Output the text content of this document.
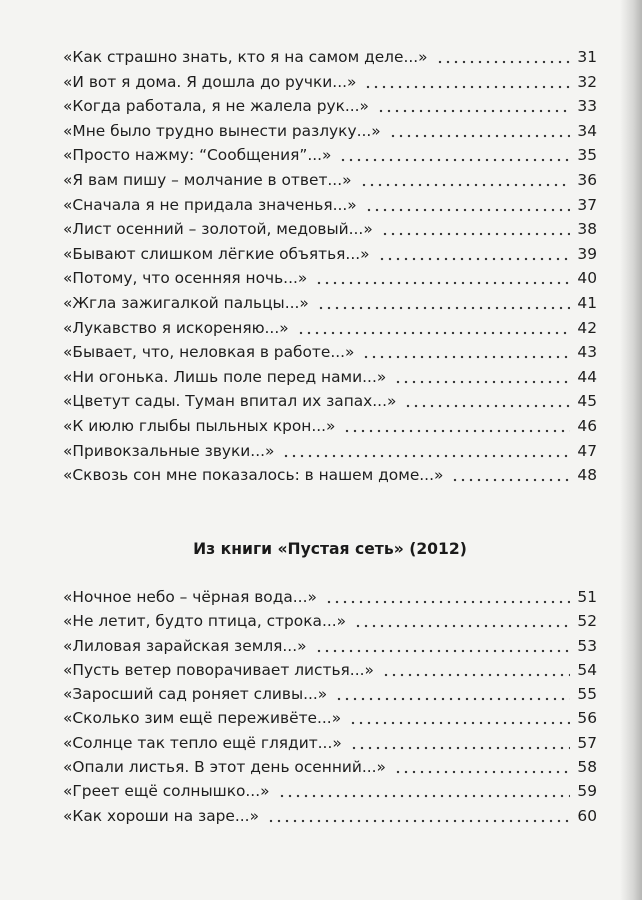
«Как страшно знать, кто я на самом деле...»	31
«И вот я дома. Я дошла до ручки...»	32
«Когда работала, я не жалела рук...»	33
«Мне было трудно вынести разлуку...»	34
«Просто нажму: “Сообщения”...»	35
«Я вам пишу – молчание в ответ...»	36
«Сначала я не придала значенья...»	37
«Лист осенний – золотой, медовый...»	38
«Бывают слишком лёгкие объятья...»	39
«Потому, что осенняя ночь...»	40
«Жгла зажигалкой пальцы...»	41
«Лукавство я искореняю...»	42
«Бывает, что, неловкая в работе...»	43
«Ни огонька. Лишь поле перед нами...»	44
«Цветут сады. Туман впитал их запах...»	45
«К июлю глыбы пыльных крон...»	46
«Привокзальные звуки...»	47
«Сквозь сон мне показалось: в нашем доме...»	48
Из книги «Пустая сеть» (2012)
«Ночное небо – чёрная вода...»	51
«Не летит, будто птица, строка...»	52
«Лиловая зарайская земля...»	53
«Пусть ветер поворачивает листья...»	54
«Заросший сад роняет сливы...»	55
«Сколько зим ещё переживёте...»	56
«Солнце так тепло ещё глядит...»	57
«Опали листья. В этот день осенний...»	58
«Греет ещё солнышко...»	59
«Как хороши на заре...»	60
